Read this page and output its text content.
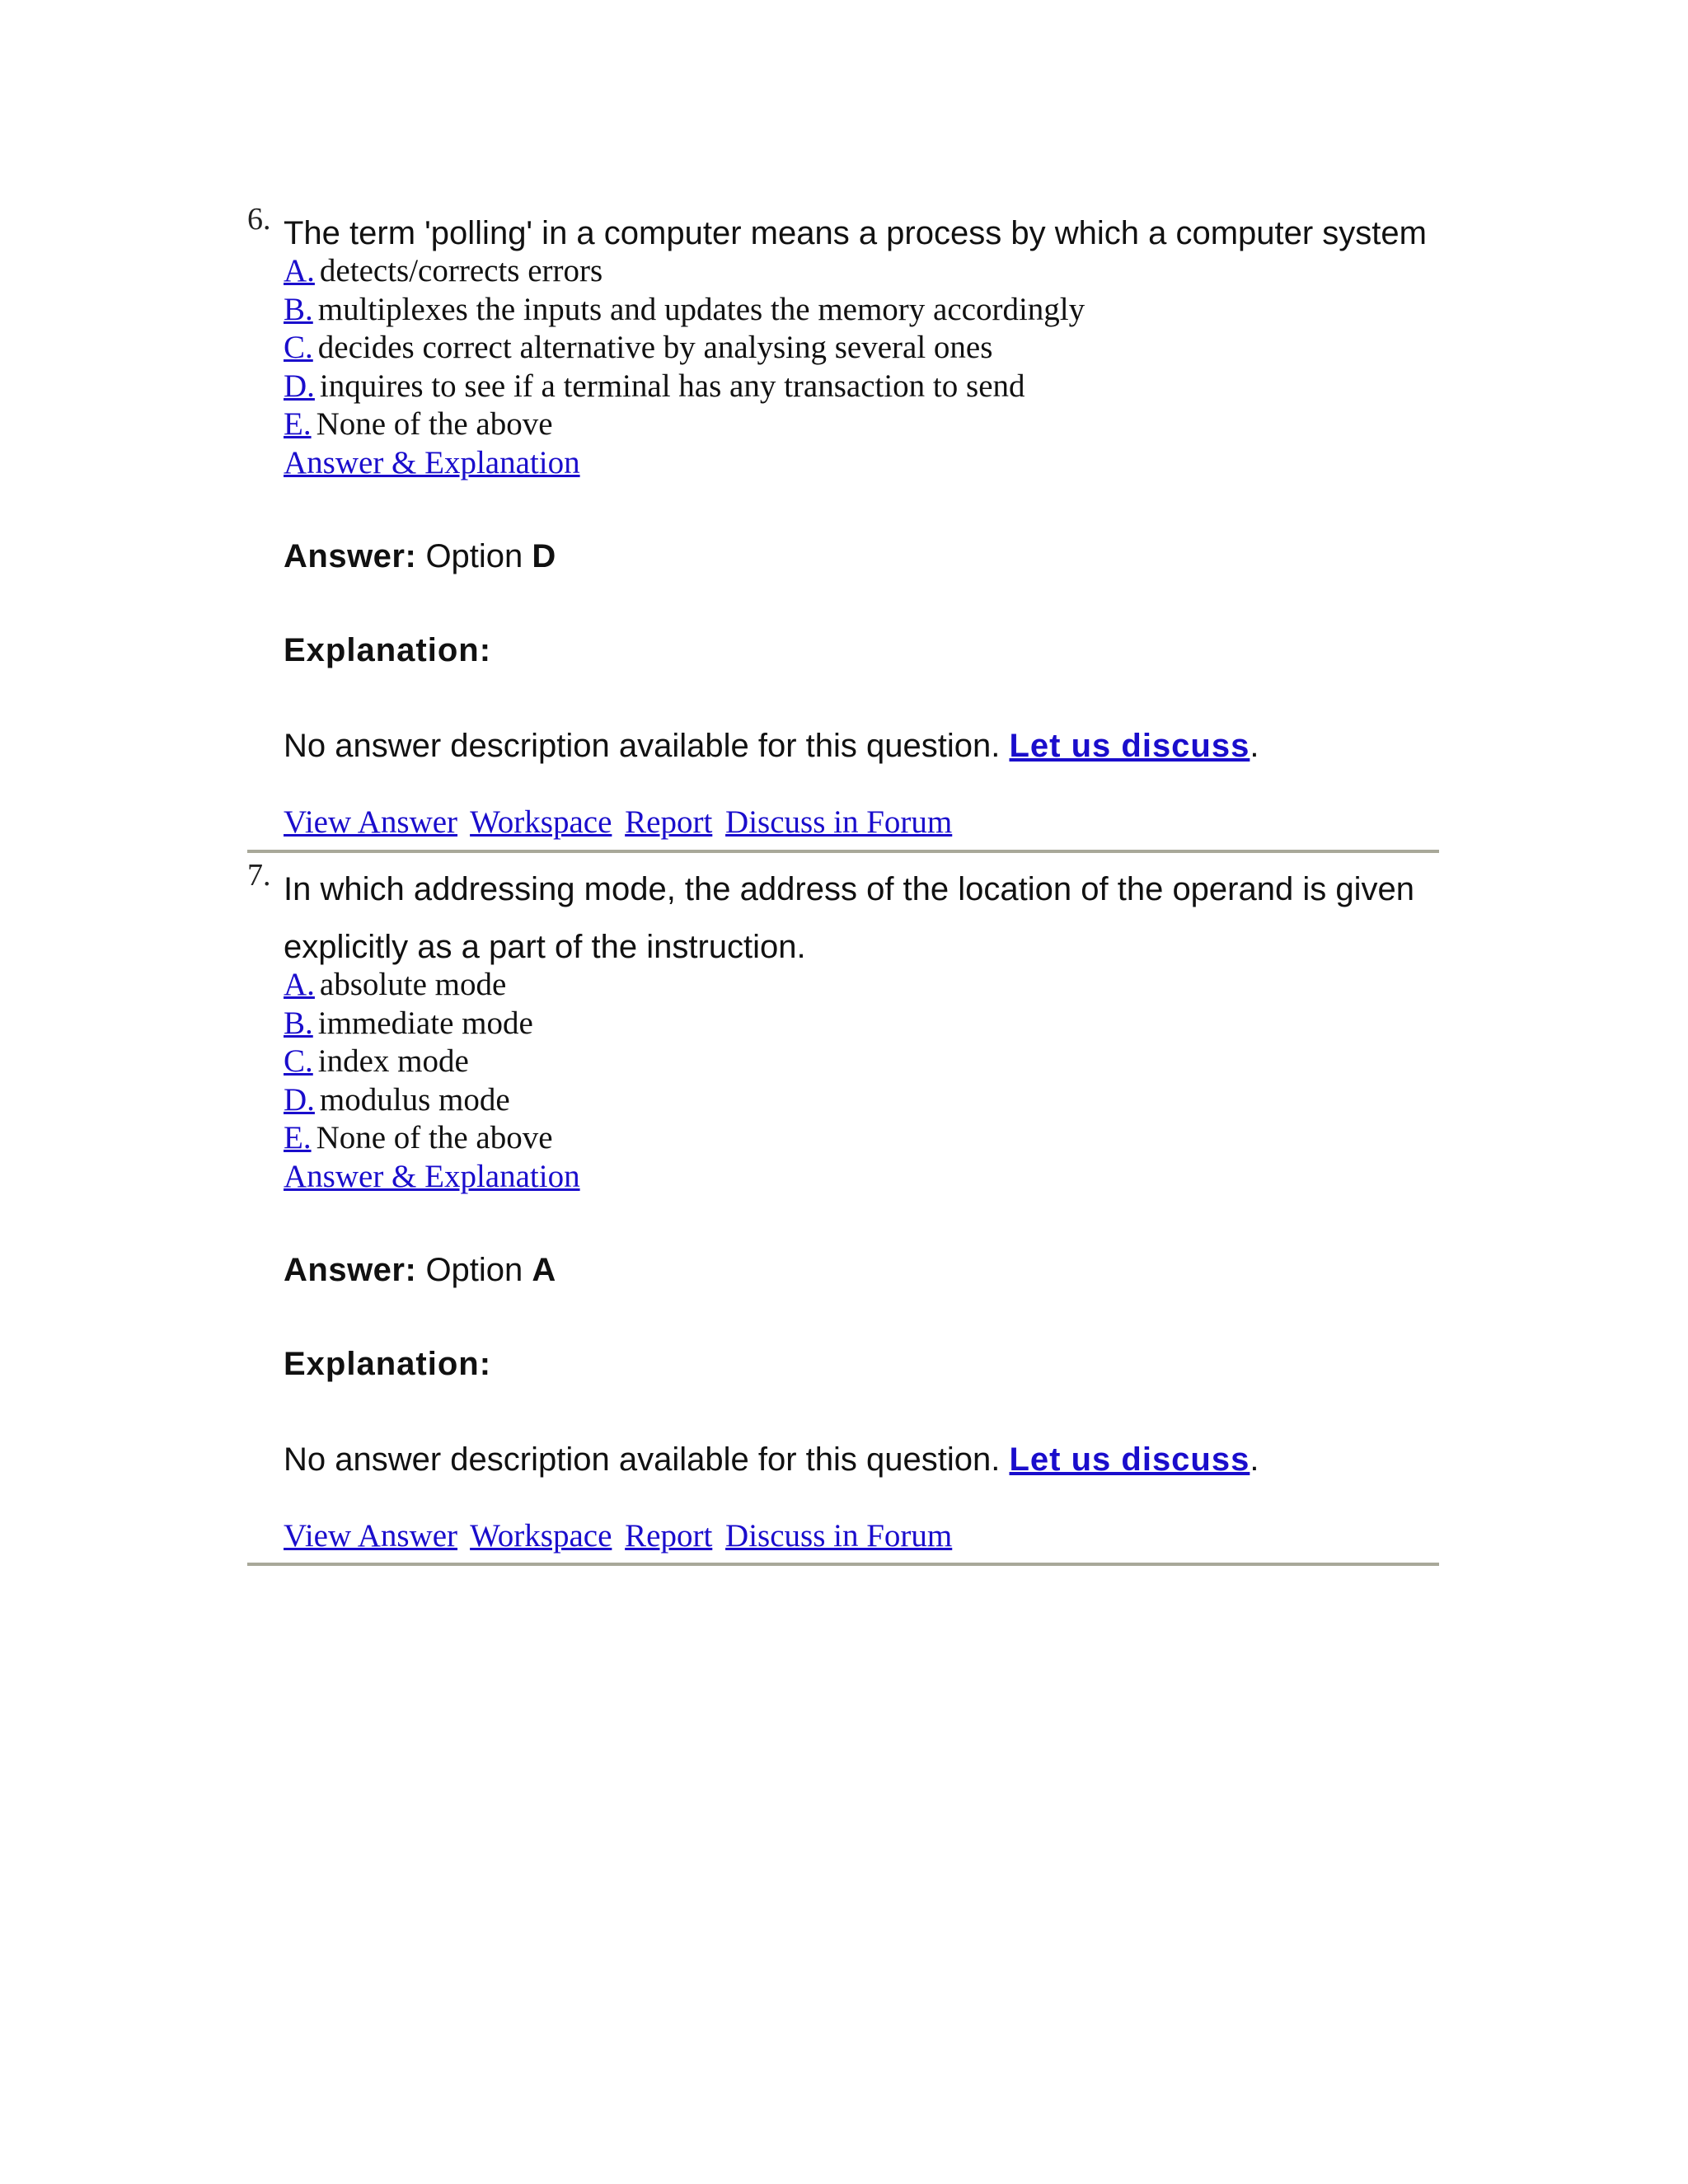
6. The term 'polling' in a computer means a process by which a computer system
A. detects/corrects errors
B. multiplexes the inputs and updates the memory accordingly
C. decides correct alternative by analysing several ones
D. inquires to see if a terminal has any transaction to send
E. None of the above
Answer & Explanation
Answer: Option D
Explanation:
No answer description available for this question. Let us discuss.
View Answer Workspace Report Discuss in Forum
7. In which addressing mode, the address of the location of the operand is given
explicitly as a part of the instruction.
A. absolute mode
B. immediate mode
C. index mode
D. modulus mode
E. None of the above
Answer & Explanation
Answer: Option A
Explanation:
No answer description available for this question. Let us discuss.
View Answer Workspace Report Discuss in Forum
